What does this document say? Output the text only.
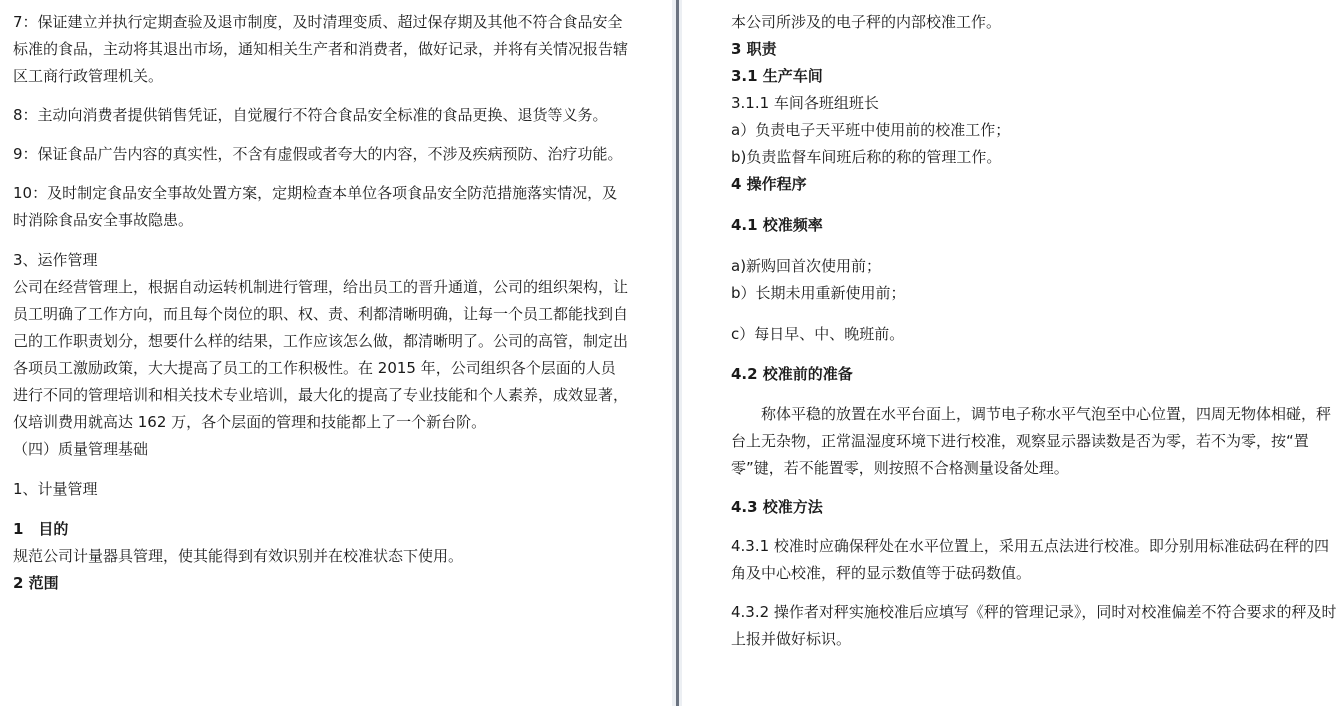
7：保证建立并执行定期查验及退市制度，及时清理变质、超过保存期及其他不符合食品安全标准的食品，主动将其退出市场，通知相关生产者和消费者，做好记录，并将有关情况报告辖区工商行政管理机关。

8：主动向消费者提供销售凭证，自觉履行不符合食品安全标准的食品更换、退货等义务。

9：保证食品广告内容的真实性，不含有虚假或者夸大的内容，不涉及疾病预防、治疗功能。

10：及时制定食品安全事故处置方案，定期检查本单位各项食品安全防范措施落实情况，及时消除食品安全事故隐患。

3、运作管理

公司在经营管理上，根据自动运转机制进行管理，给出员工的晋升通道，公司的组织架构，让员工明确了工作方向，而且每个岗位的职、权、责、利都清晰明确，让每一个员工都能找到自己的工作职责划分，想要什么样的结果，工作应该怎么做，都清晰明了。公司的高管，制定出各项员工激励政策，大大提高了员工的工作积极性。在 2015 年，公司组织各个层面的人员进行不同的管理培训和相关技术专业培训，最大化的提高了专业技能和个人素养，成效显著，仅培训费用就高达 162 万，各个层面的管理和技能都上了一个新台阶。

（四）质量管理基础

1、计量管理

1　目的

规范公司计量器具管理，使其能得到有效识别并在校准状态下使用。

2 范围

本公司所涉及的电子秤的内部校准工作。

3 职责

3.1 生产车间

3.1.1 车间各班组班长

a）负责电子天平班中使用前的校准工作；

b)负责监督车间班后称的称的管理工作。

4 操作程序

4.1 校准频率

a)新购回首次使用前；

b）长期未用重新使用前；

c）每日早、中、晚班前。

4.2 校准前的准备

称体平稳的放置在水平台面上，调节电子称水平气泡至中心位置，四周无物体相碰，秤台上无杂物，正常温湿度环境下进行校准，观察显示器读数是否为零，若不为零，按“置零”键，若不能置零，则按照不合格测量设备处理。

4.3 校准方法

4.3.1 校准时应确保秤处在水平位置上，采用五点法进行校准。即分别用标准砝码在秤的四角及中心校准，秤的显示数值等于砝码数值。

4.3.2 操作者对秤实施校准后应填写《秤的管理记录》，同时对校准偏差不符合要求的秤及时上报并做好标识。
